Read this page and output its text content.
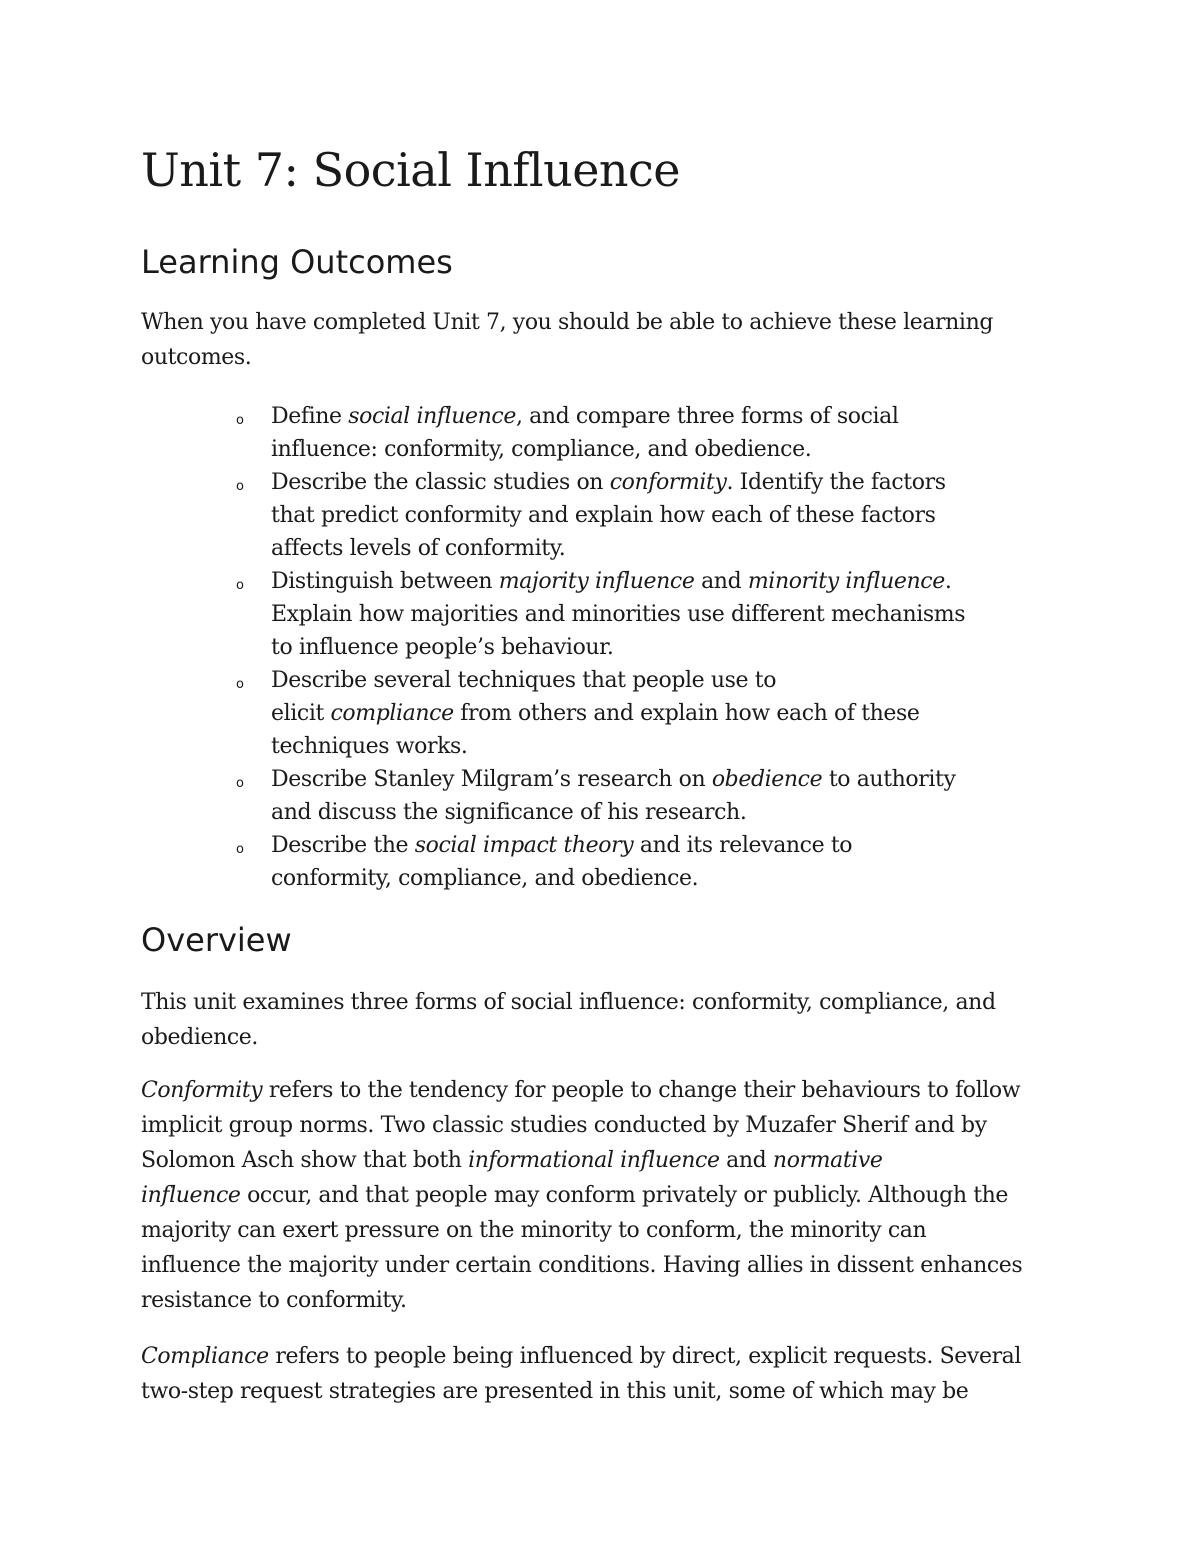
Unit 7: Social Influence
Learning Outcomes

When you have completed Unit 7, you should be able to achieve these learning
outcomes.

o	Define social influence, and compare three forms of social
influence: conformity, compliance, and obedience.
o	Describe the classic studies on conformity. Identify the factors
that predict conformity and explain how each of these factors
affects levels of conformity.
o	Distinguish between majority influence and minority influence.
Explain how majorities and minorities use different mechanisms
to influence people’s behaviour.
o	Describe several techniques that people use to
elicit compliance from others and explain how each of these
techniques works.
o	Describe Stanley Milgram’s research on obedience to authority
and discuss the significance of his research.
o	Describe the social impact theory and its relevance to
conformity, compliance, and obedience.
Overview

This unit examines three forms of social influence: conformity, compliance, and
obedience.

Conformity refers to the tendency for people to change their behaviours to follow
implicit group norms. Two classic studies conducted by Muzafer Sherif and by
Solomon Asch show that both informational influence and normative
influence occur, and that people may conform privately or publicly. Although the
majority can exert pressure on the minority to conform, the minority can
influence the majority under certain conditions. Having allies in dissent enhances
resistance to conformity.

Compliance refers to people being influenced by direct, explicit requests. Several
two-step request strategies are presented in this unit, some of which may be
